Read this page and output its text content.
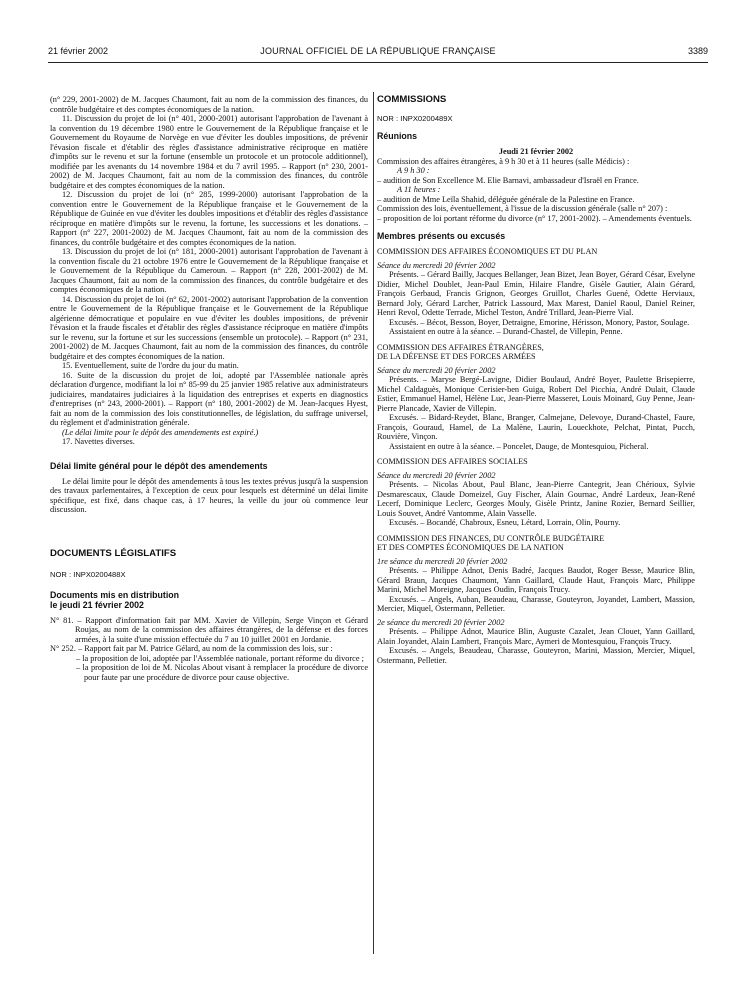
21 février 2002	JOURNAL OFFICIEL DE LA RÉPUBLIQUE FRANÇAISE	3389

(n° 229, 2001-2002) de M. Jacques Chaumont, fait au nom de la commission des finances, du contrôle budgétaire et des comptes économiques de la nation.

11. Discussion du projet de loi (n° 401, 2000-2001) autorisant l'approbation de l'avenant à la convention du 19 décembre 1980 entre le Gouvernement de la République française et le Gouvernement du Royaume de Norvège en vue d'éviter les doubles impositions, de prévenir l'évasion fiscale et d'établir des règles d'assistance administrative réciproque en matière d'impôts sur le revenu et sur la fortune (ensemble un protocole et un protocole additionnel), modifiée par les avenants du 14 novembre 1984 et du 7 avril 1995. – Rapport (n° 230, 2001-2002) de M. Jacques Chaumont, fait au nom de la commission des finances, du contrôle budgétaire et des comptes économiques de la nation.

12. Discussion du projet de loi (n° 285, 1999-2000) autorisant l'approbation de la convention entre le Gouvernement de la République française et le Gouvernement de la République de Guinée en vue d'éviter les doubles impositions et d'établir des règles d'assistance réciproque en matière d'impôts sur le revenu, la fortune, les successions et les donations. – Rapport (n° 227, 2001-2002) de M. Jacques Chaumont, fait au nom de la commission des finances, du contrôle budgétaire et des comptes économiques de la nation.

13. Discussion du projet de loi (n° 181, 2000-2001) autorisant l'approbation de l'avenant à la convention fiscale du 21 octobre 1976 entre le Gouvernement de la République française et le Gouvernement de la République du Cameroun. – Rapport (n° 228, 2001-2002) de M. Jacques Chaumont, fait au nom de la commission des finances, du contrôle budgétaire et des comptes économiques de la nation.

14. Discussion du projet de loi (n° 62, 2001-2002) autorisant l'approbation de la convention entre le Gouvernement de la République française et le Gouvernement de la République algérienne démocratique et populaire en vue d'éviter les doubles impositions, de prévenir l'évasion et la fraude fiscales et d'établir des règles d'assistance réciproque en matière d'impôts sur le revenu, sur la fortune et sur les successions (ensemble un protocole). – Rapport (n° 231, 2001-2002) de M. Jacques Chaumont, fait au nom de la commission des finances, du contrôle budgétaire et des comptes économiques de la nation.

15. Eventuellement, suite de l'ordre du jour du matin.

16. Suite de la discussion du projet de loi, adopté par l'Assemblée nationale après déclaration d'urgence, modifiant la loi n° 85-99 du 25 janvier 1985 relative aux administrateurs judiciaires, mandataires judiciaires à la liquidation des entreprises et experts en diagnostics d'entreprises (n° 243, 2000-2001). – Rapport (n° 180, 2001-2002) de M. Jean-Jacques Hyest, fait au nom de la commission des lois constitutionnelles, de législation, du suffrage universel, du règlement et d'administration générale.

(Le délai limite pour le dépôt des amendements est expiré.)

17. Navettes diverses.

Délai limite général pour le dépôt des amendements

Le délai limite pour le dépôt des amendements à tous les textes prévus jusqu'à la suspension des travaux parlementaires, à l'exception de ceux pour lesquels est déterminé un délai limite spécifique, est fixé, dans chaque cas, à 17 heures, la veille du jour où commence leur discussion.

DOCUMENTS LÉGISLATIFS

NOR : INPX0200488X

Documents mis en distribution

le jeudi 21 février 2002

N° 81. – Rapport d'information fait par MM. Xavier de Villepin, Serge Vinçon et Gérard Roujas, au nom de la commission des affaires étrangères, de la défense et des forces armées, à la suite d'une mission effectuée du 7 au 10 juillet 2001 en Jordanie.

N° 252. – Rapport fait par M. Patrice Gélard, au nom de la commission des lois, sur :

– la proposition de loi, adoptée par l'Assemblée nationale, portant réforme du divorce ;

– la proposition de loi de M. Nicolas About visant à remplacer la procédure de divorce pour faute par une procédure de divorce pour cause objective.

COMMISSIONS

NOR : INPX0200489X

Réunions

Jeudi 21 février 2002

Commission des affaires étrangères, à 9 h 30 et à 11 heures (salle Médicis) :

A 9 h 30 :

– audition de Son Excellence M. Elie Barnavi, ambassadeur d'Israël en France.

A 11 heures :

– audition de Mme Leïla Shahid, déléguée générale de la Palestine en France.

Commission des lois, éventuellement, à l'issue de la discussion générale (salle n° 207) :

– proposition de loi portant réforme du divorce (n° 17, 2001-2002). – Amendements éventuels.

Membres présents ou excusés

COMMISSION DES AFFAIRES ÉCONOMIQUES ET DU PLAN

Séance du mercredi 20 février 2002

Présents. – Gérard Bailly, Jacques Bellanger, Jean Bizet, Jean Boyer, Gérard César, Evelyne Didier, Michel Doublet, Jean-Paul Emin, Hilaire Flandre, Gisèle Gautier, Alain Gérard, François Gerbaud, Francis Grignon, Georges Gruillot, Charles Guené, Odette Herviaux, Bernard Joly, Gérard Larcher, Patrick Lassourd, Max Marest, Daniel Raoul, Daniel Reiner, Henri Revol, Odette Terrade, Michel Teston, André Trillard, Jean-Pierre Vial.

Excusés. – Bécot, Besson, Boyer, Detraigne, Emorine, Hérisson, Monory, Pastor, Soulage.

Assistaient en outre à la séance. – Durand-Chastel, de Villepin, Penne.

COMMISSION DES AFFAIRES ÉTRANGÈRES,

DE LA DÉFENSE ET DES FORCES ARMÉES

Séance du mercredi 20 février 2002

Présents. – Maryse Bergé-Lavigne, Didier Boulaud, André Boyer, Paulette Brisepierre, Michel Caldaguès, Monique Cerisier-ben Guiga, Robert Del Picchia, André Dulait, Claude Estier, Emmanuel Hamel, Hélène Luc, Jean-Pierre Masseret, Louis Moinard, Guy Penne, Jean-Pierre Plancade, Xavier de Villepin.

Excusés. – Bidard-Reydet, Blanc, Branger, Calmejane, Delevoye, Durand-Chastel, Faure, François, Gouraud, Hamel, de La Malène, Laurin, Loueckhote, Pelchat, Pintat, Pucch, Rouvière, Vinçon.

Assistaient en outre à la séance. – Poncelet, Dauge, de Montesquiou, Picheral.

COMMISSION DES AFFAIRES SOCIALES

Séance du mercredi 20 février 2002

Présents. – Nicolas About, Paul Blanc, Jean-Pierre Cantegrit, Jean Chérioux, Sylvie Desmarescaux, Claude Domeizel, Guy Fischer, Alain Gournac, André Lardeux, Jean-René Lecerf, Dominique Leclerc, Georges Mouly, Gisèle Printz, Janine Rozier, Bernard Seillier, Louis Souvet, André Vantomme, Alain Vasselle.

Excusés. – Bocandé, Chabroux, Esneu, Létard, Lorrain, Olin, Pourny.

COMMISSION DES FINANCES, DU CONTRÔLE BUDGÉTAIRE

ET DES COMPTES ÉCONOMIQUES DE LA NATION

1re séance du mercredi 20 février 2002

Présents. – Philippe Adnot, Denis Badré, Jacques Baudot, Roger Besse, Maurice Blin, Gérard Braun, Jacques Chaumont, Yann Gaillard, Claude Haut, François Marc, Philippe Marini, Michel Moreigne, Jacques Oudin, François Trucy.

Excusés. – Angels, Auban, Beaudeau, Charasse, Gouteyron, Joyandet, Lambert, Massion, Mercier, Miquel, Ostermann, Pelletier.

2e séance du mercredi 20 février 2002

Présents. – Philippe Adnot, Maurice Blin, Auguste Cazalet, Jean Clouet, Yann Gaillard, Alain Joyandet, Alain Lambert, François Marc, Aymeri de Montesquiou, François Trucy.

Excusés. – Angels, Beaudeau, Charasse, Gouteyron, Marini, Massion, Mercier, Miquel, Ostermann, Pelletier.
